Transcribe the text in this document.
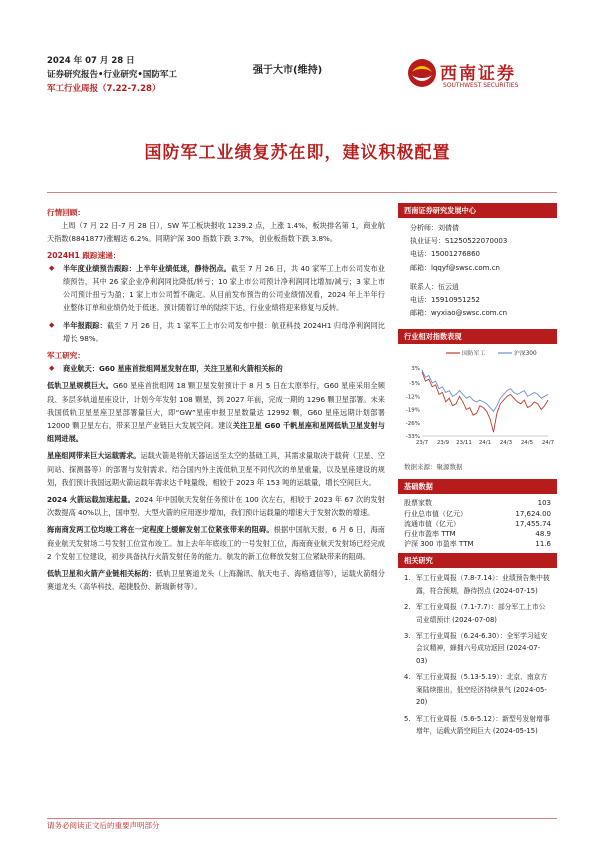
2024 年 07 月 28 日
证券研究报告•行业研究•国防军工
军工行业周报（7.22-7.28）
强于大市(维持)	西南证券
SOUTHWEST SECURITIES
国防军工业绩复苏在即，建议积极配置
行情回顾：
上周（7 月 22 日-7 月 28 日），SW 军工板块报收 1239.2 点，上涨 1.4%，板块排名第 1，商业航天指数(8841877)涨幅达 6.2%。同期沪深 300 指数下跌 3.7%，创业板指数下跌 3.8%。
2024H1 跟踪速递：
◆ 半年度业绩预告跟踪：上半年业绩低迷，静待拐点。截至 7 月 26 日，共 40 家军工上市公司发布业绩预告，其中 26 家企业净利润同比降低/转亏；10 家上市公司预计净利润同比增加/减亏；3 家上市公司预计扭亏为盈；1 家上市公司暂不确定。从目前发布预告的公司业绩情况看，2024 年上半年行业整体订单和业绩仍处于低迷。预计随着订单的陆续下达，行业业绩将迎来修复与反转。
◆ 半年报跟踪：截至 7 月 26 日，共 1 家军工上市公司发布中报：航亚科技 2024H1 归母净利润同比增长 98%。
军工研究：
◆ 商业航天：G60 星座首批组网星发射在即，关注卫星和火箭相关标的
低轨卫星规模巨大。G60 星座首批组网 18 颗卫星发射预计于 8 月 5 日在太原举行，G60 星座采用全频段、多层多轨道星座设计，计划今年发射 108 颗星，到 2027 年前，完成一期的 1296 颗卫星部署。未来我国低轨卫星星座卫星部署量巨大，即“GW”星座申报卫星数量达 12992 颗，G60 星座远期计划部署 12000 颗卫星左右，带来卫星产业链巨大发展空间。建议关注卫星 G60 千帆星座和星网低轨卫星发射与组网进展。
星座组网带来巨大运载需求。运载火箭是将航天器运送至太空的基础工具，其需求量取决于载荷（卫星、空间站、探测器等）的部署与发射需求。结合国内外主流低轨卫星不同代次的单星重量，以及星座建设的规划，我们预计我国远期火箭运载年需求达千吨量级，相较于 2023 年 153 吨的运载量，增长空间巨大。
2024 火箭运载加速起量。2024 年中国航天发射任务预计在 100 次左右，相较于 2023 年 67 次的发射次数提高 40%以上，国申型、大型火箭的应用逐步增加，我们预计运载量的增速大于发射次数的增速。
海南商发两工位均竣工将在一定程度上缓解发射工位紧张带来的阻碍。根据中国航天报，6 月 6 日，海南商业航天发射场二号发射工位宣布竣工。加上去年年底竣工的一号发射工位，海南商业航天发射场已经完成 2 个发射工位建设，初步具备执行火箭发射任务的能力。航发的新工位释放发射工位紧缺带来的阻碍。
低轨卫星和火箭产业链相关标的：低轨卫星赛道龙头（上海瀚讯、航天电子、海格通信等），运载火箭细分赛道龙头（高华科技、超捷股份、新瑞新材等）。
西南证券研究发展中心
分析师：刘倩倩
执业证号：S1250522070003
电话：15001276860
邮箱：lqqyf@swsc.com.cn
联系人：伍云逍
电话：15910951252
邮箱：wyxiao@swsc.com.cn
行业相对指数表现
3%
-5%
-12%
-19%
-26%
-33%
23/7 23/9 23/11 24/1 24/3 24/5 24/7
国防军工	沪深300
数据来源：聚源数据
基础数据
股票家数	103
行业总市值（亿元）	17,624.00
流通市值（亿元）	17,455.74
行业市盈率 TTM	48.9
沪深 300 市盈率 TTM	11.6
相关研究
1. 军工行业周报（7.8-7.14）：业绩预告集中披露，符合预期，静待拐点 (2024-07-15)
2. 军工行业周报（7.1-7.7）：部分军工上市公司业绩预计 (2024-07-08)
3. 军工行业周报（6.24-6.30）：全军学习延安会议精神，蜂拥六号成功返回 (2024-07-03)
4. 军工行业周报（5.13-5.19）：北京、南京方案陆续推出，低空经济持续景气 (2024-05-20)
5. 军工行业周报（5.6-5.12）：新型号发射增事增年，运载火箭空间巨大 (2024-05-15)
请务必阅读正文后的重要声明部分
